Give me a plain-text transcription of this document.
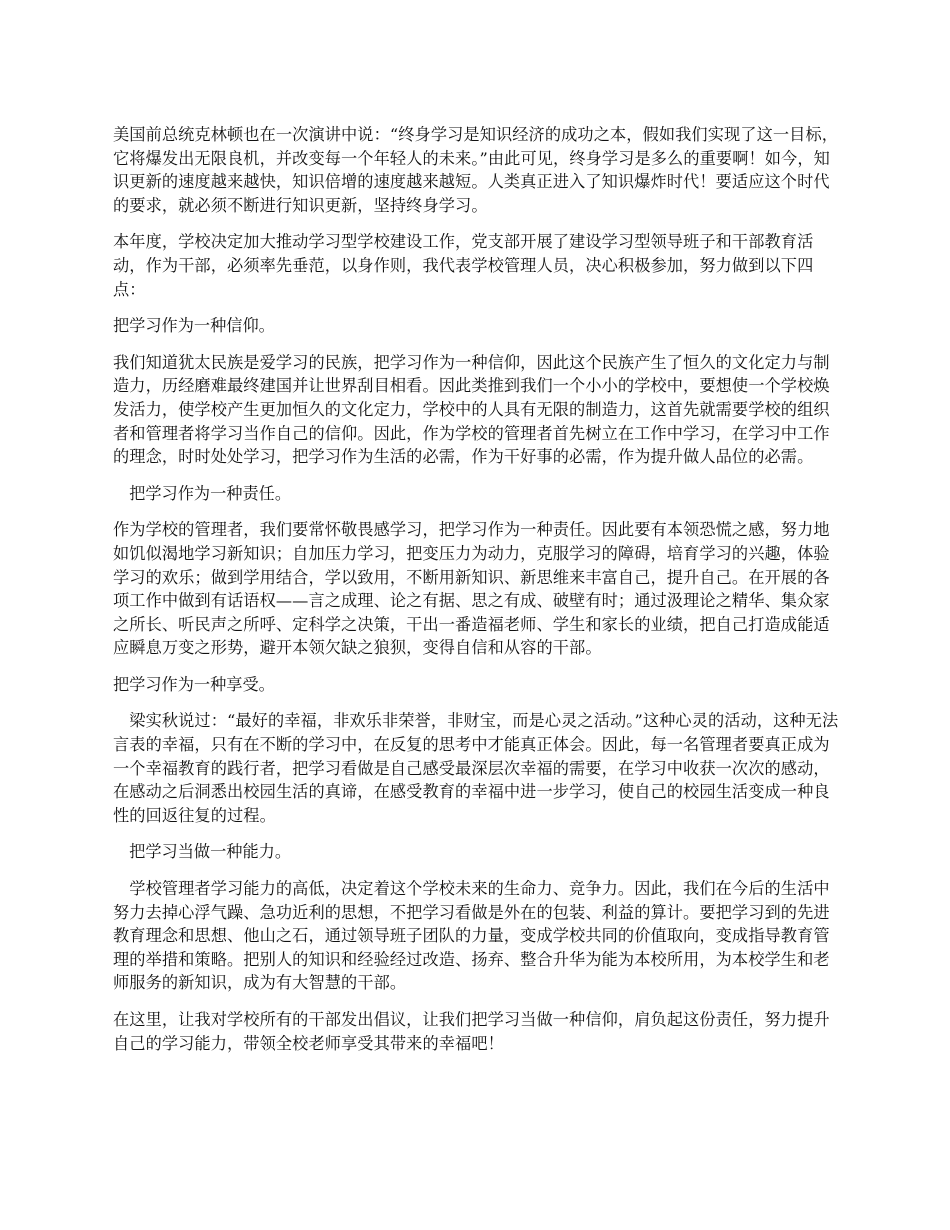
美国前总统克林顿也在一次演讲中说：“终身学习是知识经济的成功之本，假如我们实现了这一目标，它将爆发出无限良机，并改变每一个年轻人的未来。”由此可见，终身学习是多么的重要啊！如今，知识更新的速度越来越快，知识倍增的速度越来越短。人类真正进入了知识爆炸时代！要适应这个时代的要求，就必须不断进行知识更新，坚持终身学习。

本年度，学校决定加大推动学习型学校建设工作，党支部开展了建设学习型领导班子和干部教育活动，作为干部，必须率先垂范，以身作则，我代表学校管理人员，决心积极参加，努力做到以下四点：

把学习作为一种信仰。

我们知道犹太民族是爱学习的民族，把学习作为一种信仰，因此这个民族产生了恒久的文化定力与制造力，历经磨难最终建国并让世界刮目相看。因此类推到我们一个小小的学校中，要想使一个学校焕发活力，使学校产生更加恒久的文化定力，学校中的人具有无限的制造力，这首先就需要学校的组织者和管理者将学习当作自己的信仰。因此，作为学校的管理者首先树立在工作中学习，在学习中工作的理念，时时处处学习，把学习作为生活的必需，作为干好事的必需，作为提升做人品位的必需。

　把学习作为一种责任。

作为学校的管理者，我们要常怀敬畏感学习，把学习作为一种责任。因此要有本领恐慌之感，努力地如饥似渴地学习新知识；自加压力学习，把变压力为动力，克服学习的障碍，培育学习的兴趣，体验学习的欢乐；做到学用结合，学以致用，不断用新知识、新思维来丰富自己，提升自己。在开展的各项工作中做到有话语权——言之成理、论之有据、思之有成、破壁有时；通过汲理论之精华、集众家之所长、听民声之所呼、定科学之决策，干出一番造福老师、学生和家长的业绩，把自己打造成能适应瞬息万变之形势，避开本领欠缺之狼狈，变得自信和从容的干部。

把学习作为一种享受。

　梁实秋说过：“最好的幸福，非欢乐非荣誉，非财宝，而是心灵之活动。”这种心灵的活动，这种无法言表的幸福，只有在不断的学习中，在反复的思考中才能真正体会。因此，每一名管理者要真正成为一个幸福教育的践行者，把学习看做是自己感受最深层次幸福的需要，在学习中收获一次次的感动，在感动之后洞悉出校园生活的真谛，在感受教育的幸福中进一步学习，使自己的校园生活变成一种良性的回返往复的过程。

　把学习当做一种能力。

　学校管理者学习能力的高低，决定着这个学校未来的生命力、竞争力。因此，我们在今后的生活中努力去掉心浮气躁、急功近利的思想，不把学习看做是外在的包装、利益的算计。要把学习到的先进教育理念和思想、他山之石，通过领导班子团队的力量，变成学校共同的价值取向，变成指导教育管理的举措和策略。把别人的知识和经验经过改造、扬弃、整合升华为能为本校所用，为本校学生和老师服务的新知识，成为有大智慧的干部。

在这里，让我对学校所有的干部发出倡议，让我们把学习当做一种信仰，肩负起这份责任，努力提升自己的学习能力，带领全校老师享受其带来的幸福吧！
